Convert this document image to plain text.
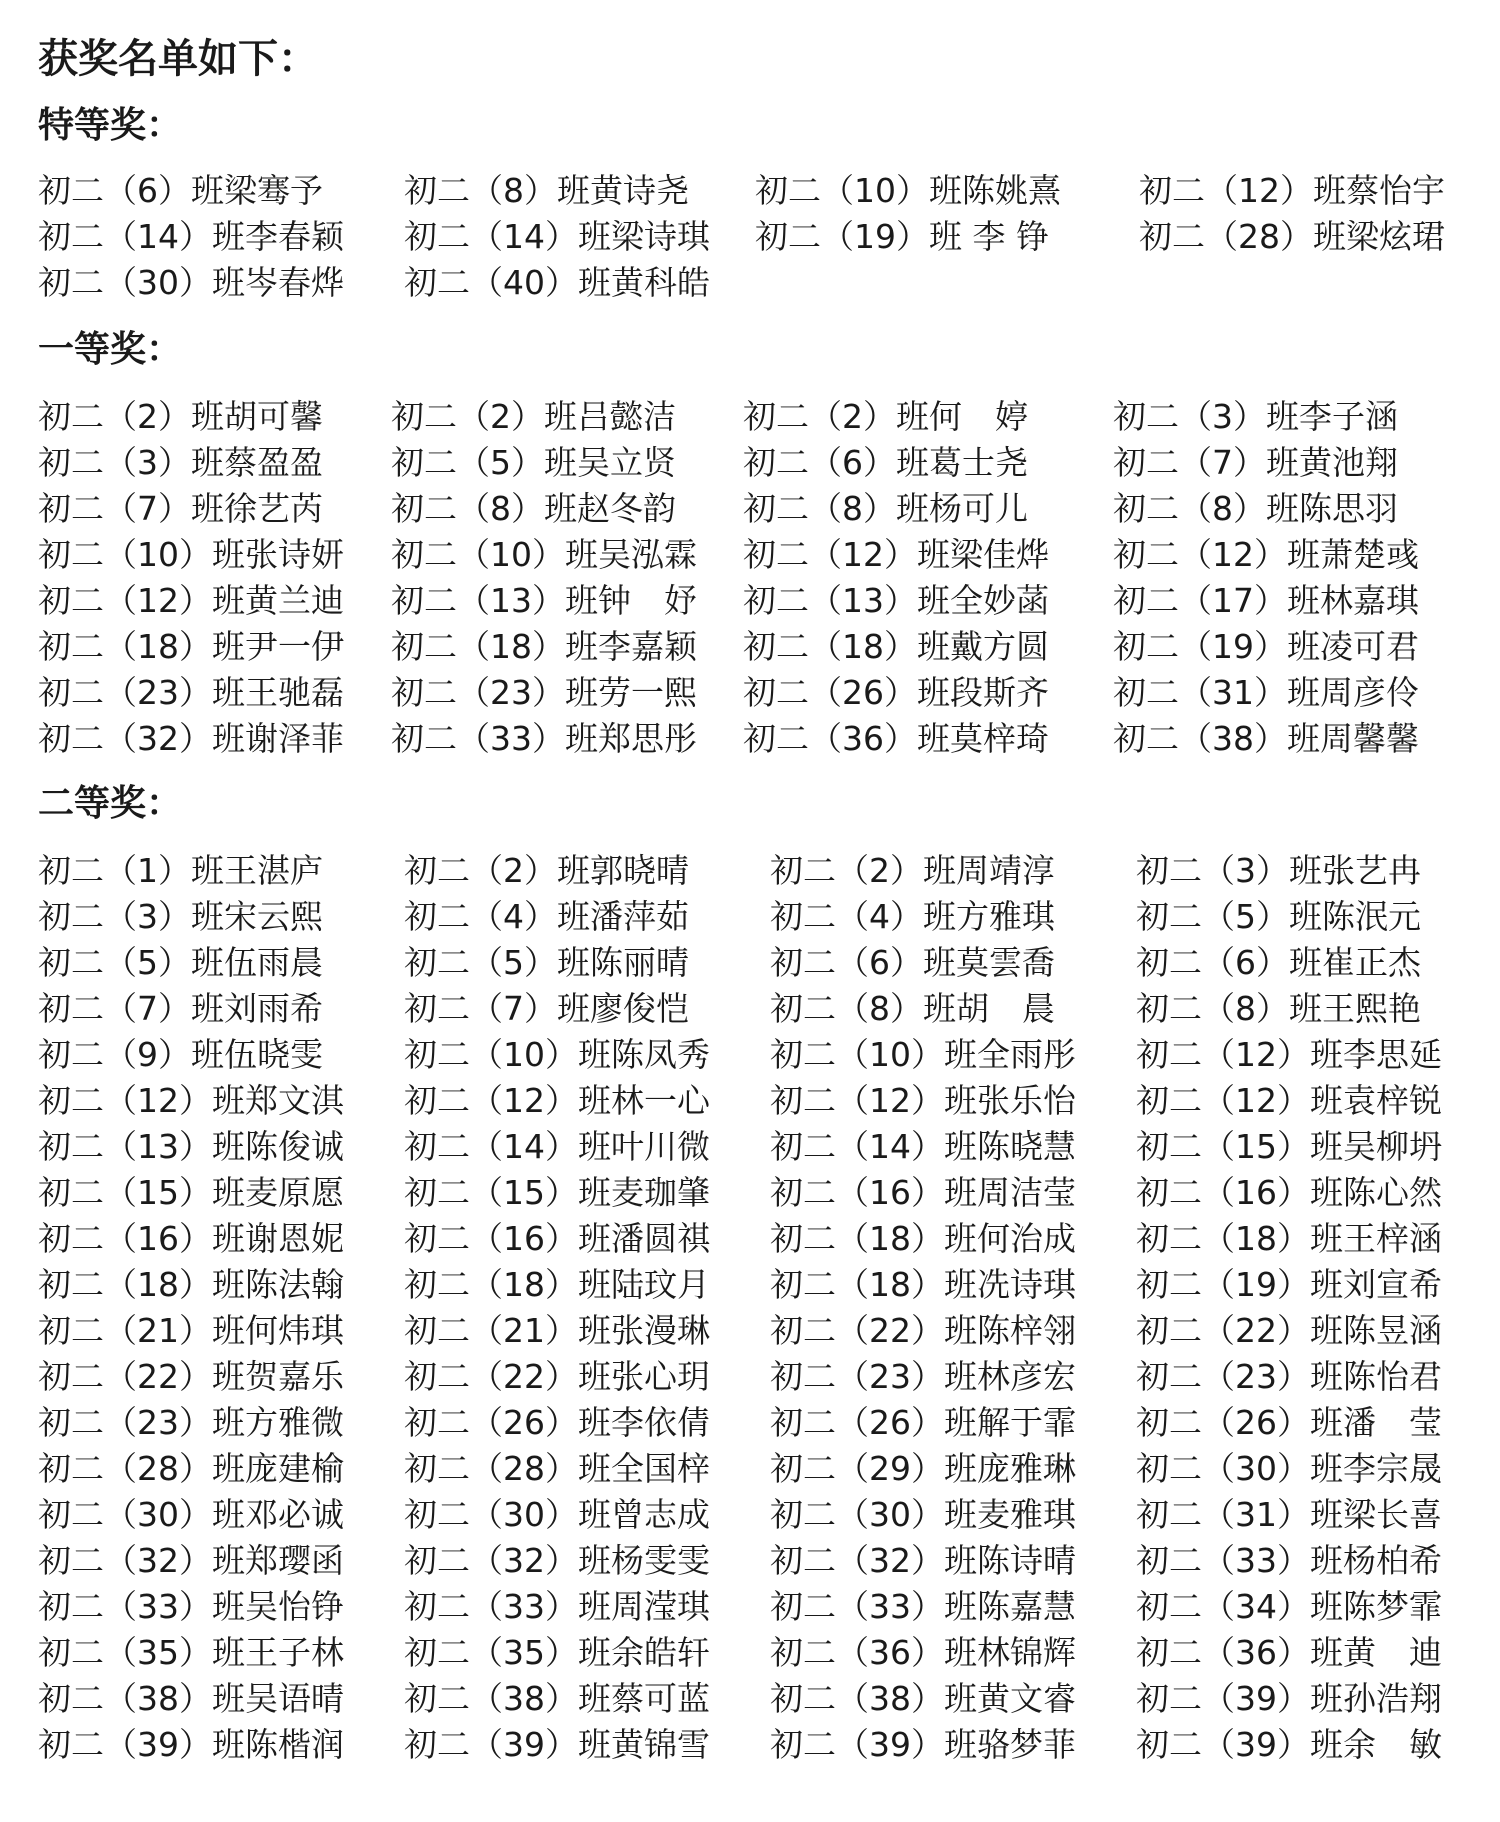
获奖名单如下：
特等奖：
初二（6）班梁骞予	初二（8）班黄诗尧	初二（10）班陈姚熹	初二（12）班蔡怡宇
初二（14）班李春颖	初二（14）班梁诗琪	初二（19）班 李 铮	初二（28）班梁炫珺
初二（30）班岑春烨	初二（40）班黄科皓
一等奖：
初二（2）班胡可馨	初二（2）班吕懿洁	初二（2）班何　婷	初二（3）班李子涵
初二（3）班蔡盈盈	初二（5）班吴立贤	初二（6）班葛士尧	初二（7）班黄池翔
初二（7）班徐艺芮	初二（8）班赵冬韵	初二（8）班杨可儿	初二（8）班陈思羽
初二（10）班张诗妍	初二（10）班吴泓霖	初二（12）班梁佳烨	初二（12）班萧楚彧
初二（12）班黄兰迪	初二（13）班钟　妤	初二（13）班全妙菡	初二（17）班林嘉琪
初二（18）班尹一伊	初二（18）班李嘉颖	初二（18）班戴方圆	初二（19）班凌可君
初二（23）班王驰磊	初二（23）班劳一熙	初二（26）班段斯齐	初二（31）班周彦伶
初二（32）班谢泽菲	初二（33）班郑思彤	初二（36）班莫梓琦	初二（38）班周馨馨
二等奖：
初二（1）班王湛庐	初二（2）班郭晓晴	初二（2）班周靖淳	初二（3）班张艺冉
初二（3）班宋云熙	初二（4）班潘萍茹	初二（4）班方雅琪	初二（5）班陈泯元
初二（5）班伍雨晨	初二（5）班陈丽晴	初二（6）班莫雲喬	初二（6）班崔正杰
初二（7）班刘雨希	初二（7）班廖俊恺	初二（8）班胡　晨	初二（8）班王熙艳
初二（9）班伍晓雯	初二（10）班陈凤秀	初二（10）班全雨彤	初二（12）班李思延
初二（12）班郑文淇	初二（12）班林一心	初二（12）班张乐怡	初二（12）班袁梓锐
初二（13）班陈俊诚	初二（14）班叶川微	初二（14）班陈晓慧	初二（15）班吴柳坍
初二（15）班麦原愿	初二（15）班麦珈肇	初二（16）班周洁莹	初二（16）班陈心然
初二（16）班谢恩妮	初二（16）班潘圆祺	初二（18）班何治成	初二（18）班王梓涵
初二（18）班陈法翰	初二（18）班陆玟月	初二（18）班冼诗琪	初二（19）班刘宣希
初二（21）班何炜琪	初二（21）班张漫琳	初二（22）班陈梓翎	初二（22）班陈昱涵
初二（22）班贺嘉乐	初二（22）班张心玥	初二（23）班林彦宏	初二（23）班陈怡君
初二（23）班方雅微	初二（26）班李依倩	初二（26）班解于霏	初二（26）班潘　莹
初二（28）班庞建榆	初二（28）班全国梓	初二（29）班庞雅琳	初二（30）班李宗晟
初二（30）班邓必诚	初二（30）班曾志成	初二（30）班麦雅琪	初二（31）班梁长喜
初二（32）班郑璎函	初二（32）班杨雯雯	初二（32）班陈诗晴	初二（33）班杨柏希
初二（33）班吴怡铮	初二（33）班周滢琪	初二（33）班陈嘉慧	初二（34）班陈梦霏
初二（35）班王子林	初二（35）班余皓轩	初二（36）班林锦辉	初二（36）班黄　迪
初二（38）班吴语晴	初二（38）班蔡可蓝	初二（38）班黄文睿	初二（39）班孙浩翔
初二（39）班陈楷润	初二（39）班黄锦雪	初二（39）班骆梦菲	初二（39）班余　敏
